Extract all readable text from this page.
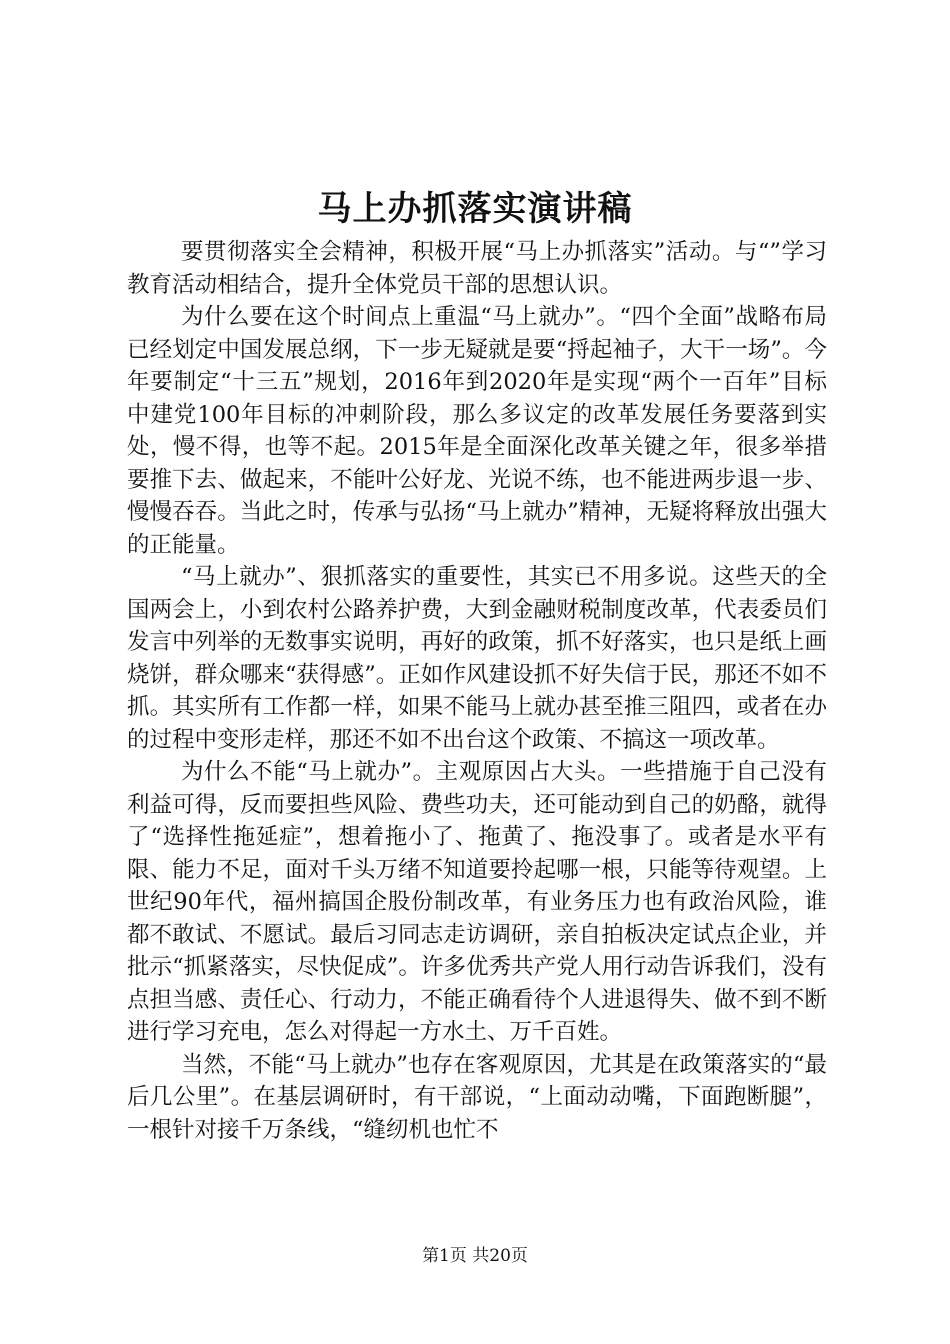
马上办抓落实演讲稿

要贯彻落实全会精神，积极开展“马上办抓落实”活动。与“”学习教育活动相结合，提升全体党员干部的思想认识。

为什么要在这个时间点上重温“马上就办”。“四个全面”战略布局已经划定中国发展总纲，下一步无疑就是要“捋起袖子，大干一场”。今年要制定“十三五”规划，2016年到2020年是实现“两个一百年”目标中建党100年目标的冲刺阶段，那么多议定的改革发展任务要落到实处，慢不得，也等不起。2015年是全面深化改革关键之年，很多举措要推下去、做起来，不能叶公好龙、光说不练，也不能进两步退一步、慢慢吞吞。当此之时，传承与弘扬“马上就办”精神，无疑将释放出强大的正能量。

“马上就办”、狠抓落实的重要性，其实已不用多说。这些天的全国两会上，小到农村公路养护费，大到金融财税制度改革，代表委员们发言中列举的无数事实说明，再好的政策，抓不好落实，也只是纸上画烧饼，群众哪来“获得感”。正如作风建设抓不好失信于民，那还不如不抓。其实所有工作都一样，如果不能马上就办甚至推三阻四，或者在办的过程中变形走样，那还不如不出台这个政策、不搞这一项改革。

为什么不能“马上就办”。主观原因占大头。一些措施于自己没有利益可得，反而要担些风险、费些功夫，还可能动到自己的奶酪，就得了“选择性拖延症”，想着拖小了、拖黄了、拖没事了。或者是水平有限、能力不足，面对千头万绪不知道要拎起哪一根，只能等待观望。上世纪90年代，福州搞国企股份制改革，有业务压力也有政治风险，谁都不敢试、不愿试。最后习同志走访调研，亲自拍板决定试点企业，并批示“抓紧落实，尽快促成”。许多优秀共产党人用行动告诉我们，没有点担当感、责任心、行动力，不能正确看待个人进退得失、做不到不断进行学习充电，怎么对得起一方水土、万千百姓。

当然，不能“马上就办”也存在客观原因，尤其是在政策落实的“最后几公里”。在基层调研时，有干部说，“上面动动嘴，下面跑断腿”，一根针对接千万条线，“缝纫机也忙不

第1页 共20页
